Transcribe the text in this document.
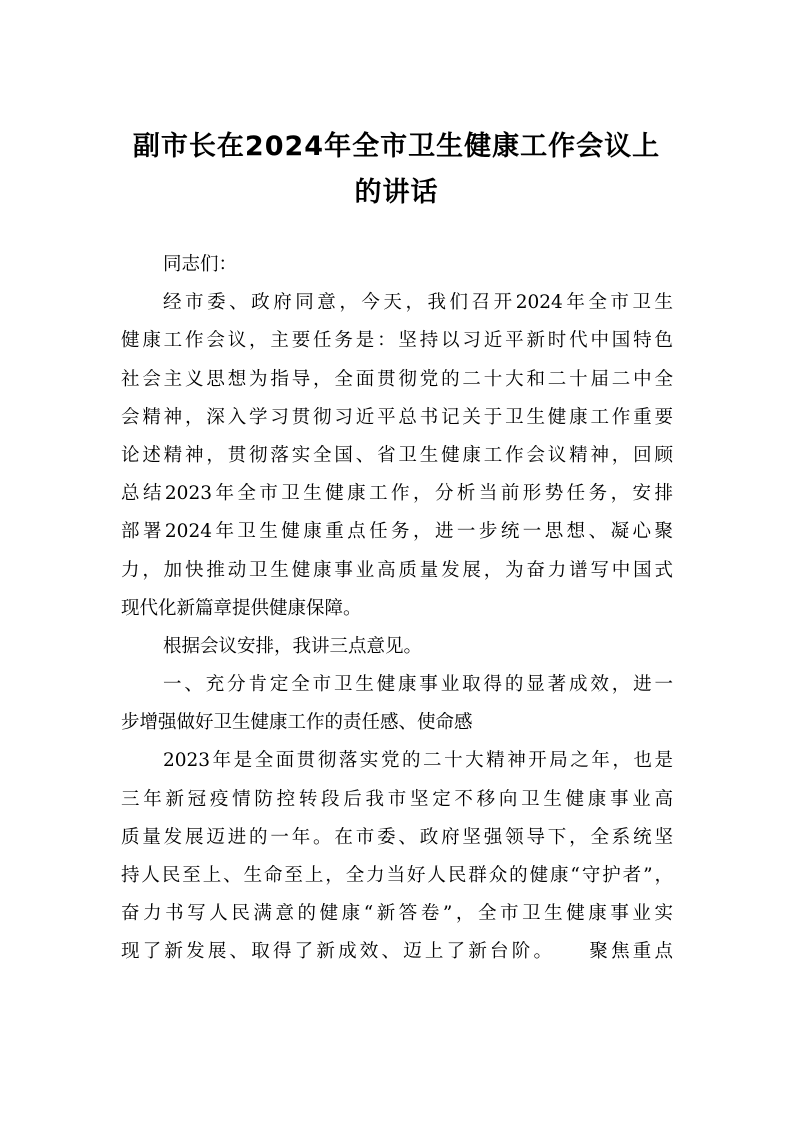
副市长在2024年全市卫生健康工作会议上
的讲话
同志们：
经市委、政府同意，今天，我们召开2024年全市卫生
健康工作会议，主要任务是：坚持以习近平新时代中国特色
社会主义思想为指导，全面贯彻党的二十大和二十届二中全
会精神，深入学习贯彻习近平总书记关于卫生健康工作重要
论述精神，贯彻落实全国、省卫生健康工作会议精神，回顾
总结2023年全市卫生健康工作，分析当前形势任务，安排
部署2024年卫生健康重点任务，进一步统一思想、凝心聚
力，加快推动卫生健康事业高质量发展，为奋力谱写中国式
现代化新篇章提供健康保障。
根据会议安排，我讲三点意见。
一、充分肯定全市卫生健康事业取得的显著成效，进一
步增强做好卫生健康工作的责任感、使命感
2023年是全面贯彻落实党的二十大精神开局之年，也是
三年新冠疫情防控转段后我市坚定不移向卫生健康事业高
质量发展迈进的一年。在市委、政府坚强领导下，全系统坚
持人民至上、生命至上，全力当好人民群众的健康“守护者”，
奋力书写人民满意的健康“新答卷”，全市卫生健康事业实
现了新发展、取得了新成效、迈上了新台阶。　　聚焦重点
